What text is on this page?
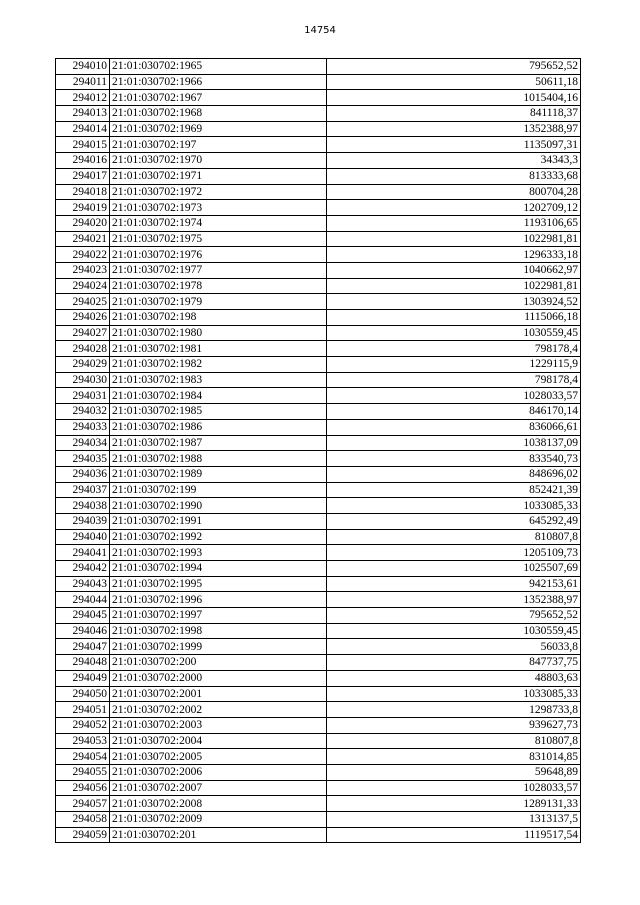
14754
294010	21:01:030702:1965	795652,52
294011	21:01:030702:1966	50611,18
294012	21:01:030702:1967	1015404,16
294013	21:01:030702:1968	841118,37
294014	21:01:030702:1969	1352388,97
294015	21:01:030702:197	1135097,31
294016	21:01:030702:1970	34343,3
294017	21:01:030702:1971	813333,68
294018	21:01:030702:1972	800704,28
294019	21:01:030702:1973	1202709,12
294020	21:01:030702:1974	1193106,65
294021	21:01:030702:1975	1022981,81
294022	21:01:030702:1976	1296333,18
294023	21:01:030702:1977	1040662,97
294024	21:01:030702:1978	1022981,81
294025	21:01:030702:1979	1303924,52
294026	21:01:030702:198	1115066,18
294027	21:01:030702:1980	1030559,45
294028	21:01:030702:1981	798178,4
294029	21:01:030702:1982	1229115,9
294030	21:01:030702:1983	798178,4
294031	21:01:030702:1984	1028033,57
294032	21:01:030702:1985	846170,14
294033	21:01:030702:1986	836066,61
294034	21:01:030702:1987	1038137,09
294035	21:01:030702:1988	833540,73
294036	21:01:030702:1989	848696,02
294037	21:01:030702:199	852421,39
294038	21:01:030702:1990	1033085,33
294039	21:01:030702:1991	645292,49
294040	21:01:030702:1992	810807,8
294041	21:01:030702:1993	1205109,73
294042	21:01:030702:1994	1025507,69
294043	21:01:030702:1995	942153,61
294044	21:01:030702:1996	1352388,97
294045	21:01:030702:1997	795652,52
294046	21:01:030702:1998	1030559,45
294047	21:01:030702:1999	56033,8
294048	21:01:030702:200	847737,75
294049	21:01:030702:2000	48803,63
294050	21:01:030702:2001	1033085,33
294051	21:01:030702:2002	1298733,8
294052	21:01:030702:2003	939627,73
294053	21:01:030702:2004	810807,8
294054	21:01:030702:2005	831014,85
294055	21:01:030702:2006	59648,89
294056	21:01:030702:2007	1028033,57
294057	21:01:030702:2008	1289131,33
294058	21:01:030702:2009	1313137,5
294059	21:01:030702:201	1119517,54
